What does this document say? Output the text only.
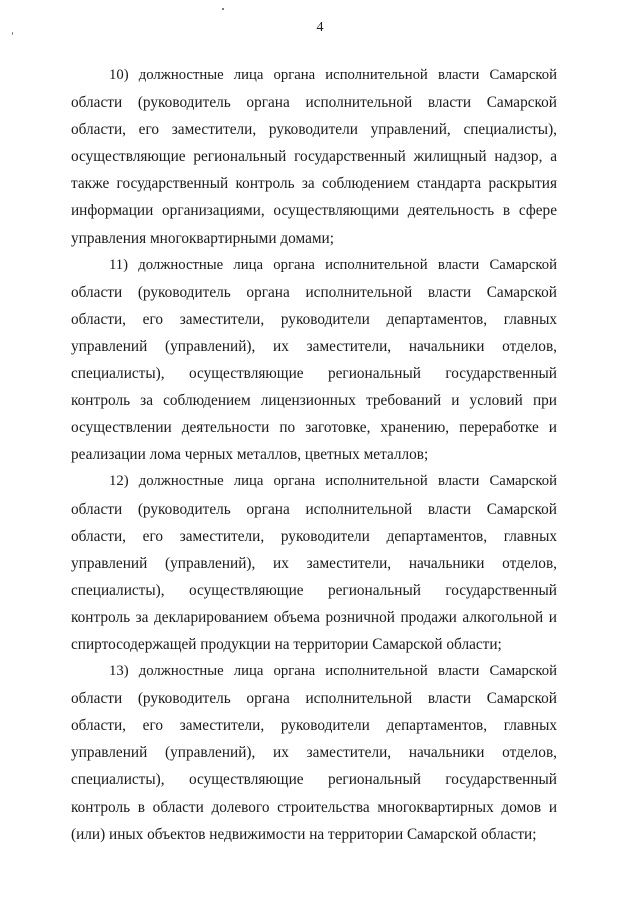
4
10) должностные лица органа исполнительной власти Самарской
области (руководитель органа исполнительной власти Самарской
области, его заместители, руководители управлений, специалисты),
осуществляющие региональный государственный жилищный надзор, а
также государственный контроль за соблюдением стандарта раскрытия
информации организациями, осуществляющими деятельность в сфере
управления многоквартирными домами;
11) должностные лица органа исполнительной власти Самарской
области (руководитель органа исполнительной власти Самарской
области, его заместители, руководители департаментов, главных
управлений (управлений), их заместители, начальники отделов,
специалисты), осуществляющие региональный государственный
контроль за соблюдением лицензионных требований и условий при
осуществлении деятельности по заготовке, хранению, переработке и
реализации лома черных металлов, цветных металлов;
12) должностные лица органа исполнительной власти Самарской
области (руководитель органа исполнительной власти Самарской
области, его заместители, руководители департаментов, главных
управлений (управлений), их заместители, начальники отделов,
специалисты), осуществляющие региональный государственный
контроль за декларированием объема розничной продажи алкогольной и
спиртосодержащей продукции на территории Самарской области;
13) должностные лица органа исполнительной власти Самарской
области (руководитель органа исполнительной власти Самарской
области, его заместители, руководители департаментов, главных
управлений (управлений), их заместители, начальники отделов,
специалисты), осуществляющие региональный государственный
контроль в области долевого строительства многоквартирных домов и
(или) иных объектов недвижимости на территории Самарской области;
